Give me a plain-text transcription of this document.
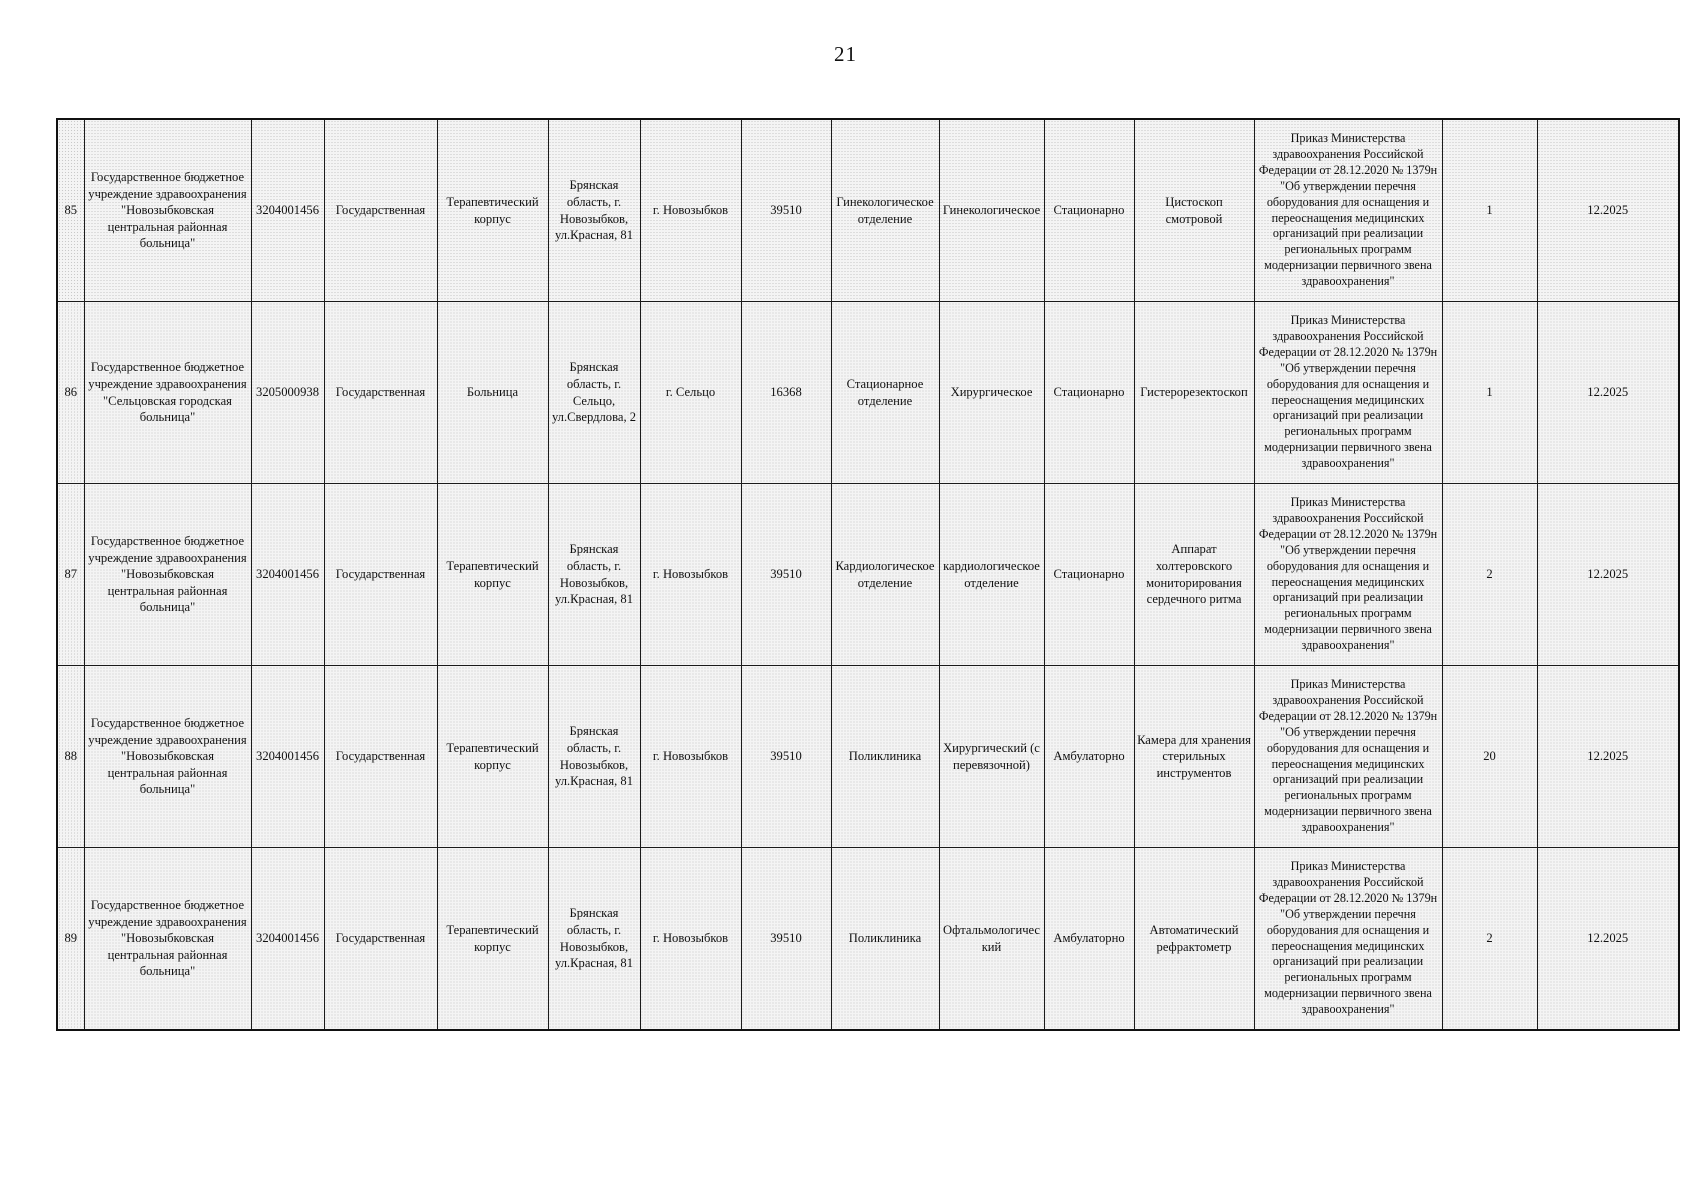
21
85	Государственное бюджетное учреждение здравоохранения "Новозыбковская центральная районная больница"	3204001456	Государственная	Терапевтический корпус	Брянская область, г. Новозыбков, ул.Красная, 81	г. Новозыбков	39510	Гинекологическое отделение	Гинекологическое	Стационарно	Цистоскоп смотровой	Приказ Министерства здравоохранения Российской Федерации от 28.12.2020 № 1379н "Об утверждении перечня оборудования для оснащения и переоснащения медицинских организаций при реализации региональных программ модернизации первичного звена здравоохранения"	1	12.2025
86	Государственное бюджетное учреждение здравоохранения "Сельцовская городская больница"	3205000938	Государственная	Больница	Брянская область, г. Сельцо, ул.Свердлова, 2	г. Сельцо	16368	Стационарное отделение	Хирургическое	Стационарно	Гистерорезектоскоп	Приказ Министерства здравоохранения Российской Федерации от 28.12.2020 № 1379н "Об утверждении перечня оборудования для оснащения и переоснащения медицинских организаций при реализации региональных программ модернизации первичного звена здравоохранения"	1	12.2025
87	Государственное бюджетное учреждение здравоохранения "Новозыбковская центральная районная больница"	3204001456	Государственная	Терапевтический корпус	Брянская область, г. Новозыбков, ул.Красная, 81	г. Новозыбков	39510	Кардиологическое отделение	кардиологическое отделение	Стационарно	Аппарат холтеровского мониторирования сердечного ритма	Приказ Министерства здравоохранения Российской Федерации от 28.12.2020 № 1379н "Об утверждении перечня оборудования для оснащения и переоснащения медицинских организаций при реализации региональных программ модернизации первичного звена здравоохранения"	2	12.2025
88	Государственное бюджетное учреждение здравоохранения "Новозыбковская центральная районная больница"	3204001456	Государственная	Терапевтический корпус	Брянская область, г. Новозыбков, ул.Красная, 81	г. Новозыбков	39510	Поликлиника	Хирургический (с перевязочной)	Амбулаторно	Камера для хранения стерильных инструментов	Приказ Министерства здравоохранения Российской Федерации от 28.12.2020 № 1379н "Об утверждении перечня оборудования для оснащения и переоснащения медицинских организаций при реализации региональных программ модернизации первичного звена здравоохранения"	20	12.2025
89	Государственное бюджетное учреждение здравоохранения "Новозыбковская центральная районная больница"	3204001456	Государственная	Терапевтический корпус	Брянская область, г. Новозыбков, ул.Красная, 81	г. Новозыбков	39510	Поликлиника	Офтальмологический	Амбулаторно	Автоматический рефрактометр	Приказ Министерства здравоохранения Российской Федерации от 28.12.2020 № 1379н "Об утверждении перечня оборудования для оснащения и переоснащения медицинских организаций при реализации региональных программ модернизации первичного звена здравоохранения"	2	12.2025
